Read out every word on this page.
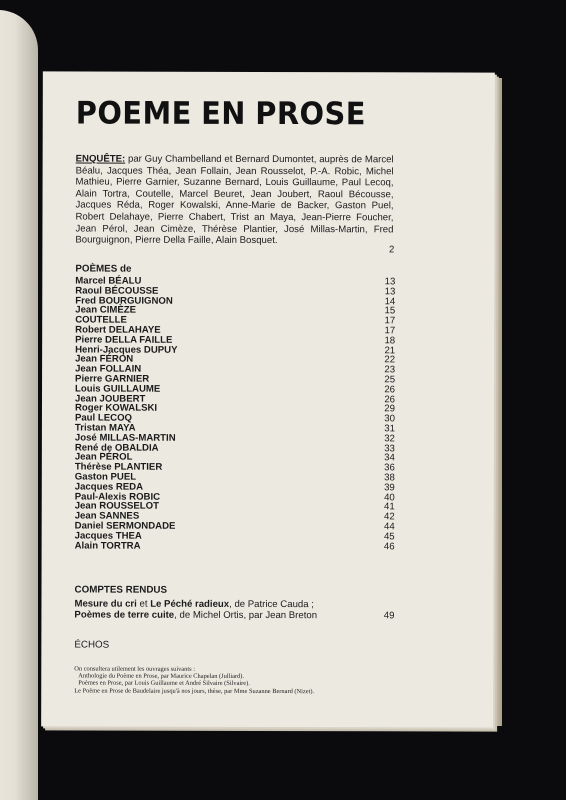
POEME EN PROSE
ENQUÊTE: par Guy Chambelland et Bernard Dumontet, auprès de Marcel Béalu, Jacques Théa, Jean Follain, Jean Rousselot, P.-A. Robic, Michel Mathieu, Pierre Garnier, Suzanne Bernard, Louis Guillaume, Paul Lecoq, Alain Tortra, Coutelle, Marcel Beuret, Jean Joubert, Raoul Bécousse, Jacques Réda, Roger Kowalski, Anne-Marie de Backer, Gaston Puel, Robert Delahaye, Pierre Chabert, Trist an Maya, Jean-Pierre Foucher, Jean Pérol, Jean Cimèze, Thérèse Plantier, José Millas-Martin, Fred Bourguignon, Pierre Della Faille, Alain Bosquet.
2
POÈMES de
Marcel BÉALU	13
Raoul BÉCOUSSE	13
Fred BOURGUIGNON	14
Jean CIMÈZE	15
COUTELLE	17
Robert DELAHAYE	17
Pierre DELLA FAILLE	18
Henri-Jacques DUPUY	21
Jean FÉRON	22
Jean FOLLAIN	23
Pierre GARNIER	25
Louis GUILLAUME	26
Jean JOUBERT	26
Roger KOWALSKI	29
Paul LECOQ	30
Tristan MAYA	31
José MILLAS-MARTIN	32
René de OBALDIA	33
Jean PÉROL	34
Thérèse PLANTIER	36
Gaston PUEL	38
Jacques REDA	39
Paul-Alexis ROBIC	40
Jean ROUSSELOT	41
Jean SANNES	42
Daniel SERMONDADE	44
Jacques THEA	45
Alain TORTRA	46
COMPTES RENDUS
Mesure du cri et Le Péché radieux, de Patrice Cauda ;
Poèmes de terre cuite, de Michel Ortis, par Jean Breton	49
ÉCHOS
On consultera utilement les ouvrages suivants :
Anthologie du Poème en Prose, par Maurice Chapelan (Julliard).
Poèmes en Prose, par Louis Guillaume et André Silvaire (Silvaire).
Le Poème en Prose de Baudelaire jusqu'à nos jours, thèse, par Mme Suzanne Bernard (Nizet).
